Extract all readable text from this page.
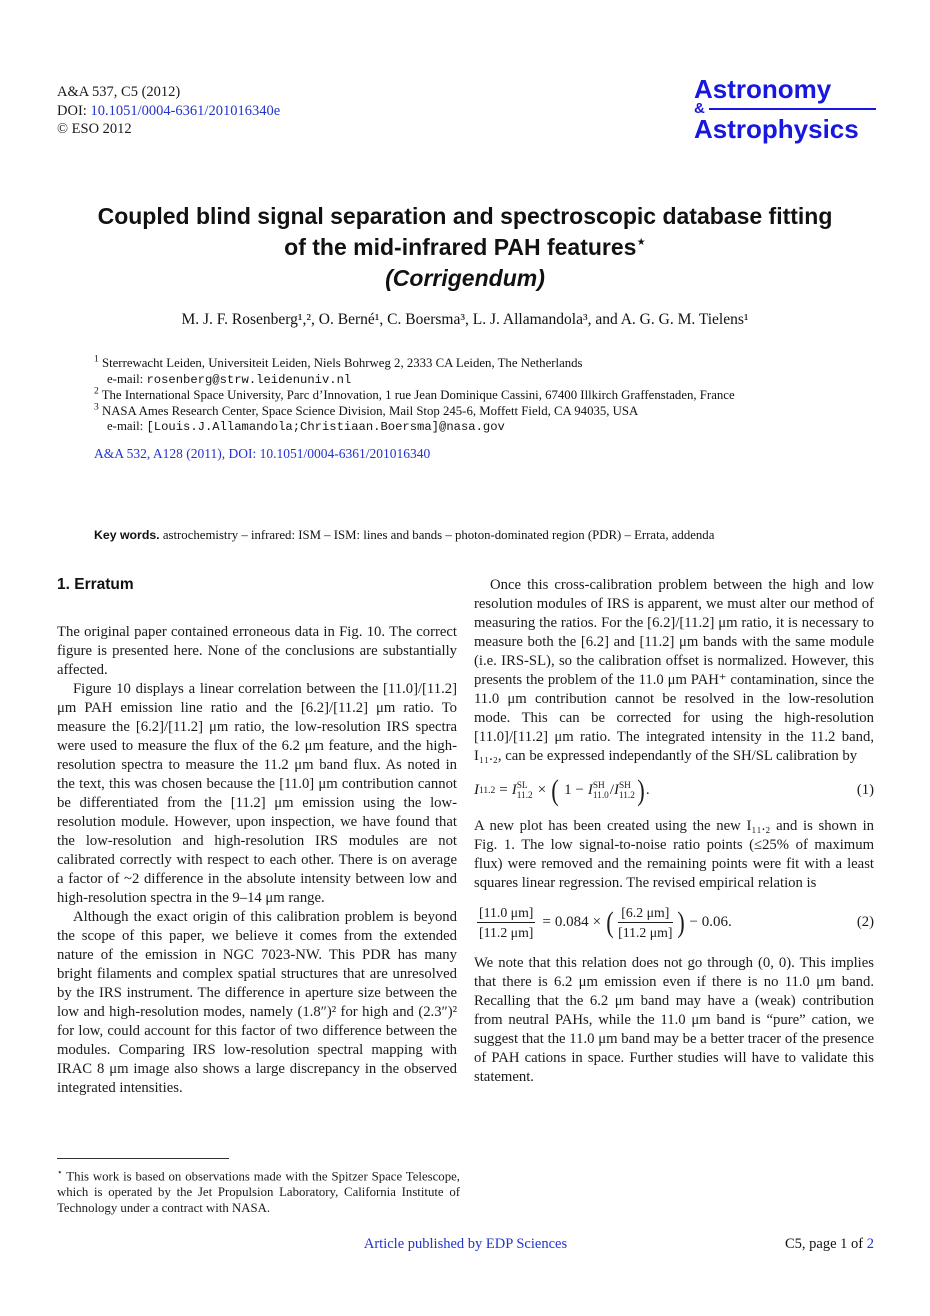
A&A 537, C5 (2012)
DOI: 10.1051/0004-6361/201016340e
© ESO 2012
Astronomy
&
Astrophysics
Coupled blind signal separation and spectroscopic database fitting
of the mid-infrared PAH features⋆
(Corrigendum)
M. J. F. Rosenberg¹,², O. Berné¹, C. Boersma³, L. J. Allamandola³, and A. G. G. M. Tielens¹
$^1$ Sterrewacht Leiden, Universiteit Leiden, Niels Bohrweg 2, 2333 CA Leiden, The Netherlands
e-mail: rosenberg@strw.leidenuniv.nl
$^2$ The International Space University, Parc d’Innovation, 1 rue Jean Dominique Cassini, 67400 Illkirch Graffenstaden, France
$^3$ NASA Ames Research Center, Space Science Division, Mail Stop 245-6, Moffett Field, CA 94035, USA
e-mail: [Louis.J.Allamandola;Christiaan.Boersma]@nasa.gov
A&A 532, A128 (2011), DOI: 10.1051/0004-6361/201016340
Key words. astrochemistry – infrared: ISM – ISM: lines and bands – photon-dominated region (PDR) – Errata, addenda
1. Erratum

The original paper contained erroneous data in Fig. 10. The correct figure is presented here. None of the conclusions are substantially affected.

Figure 10 displays a linear correlation between the [11.0]/[11.2] μm PAH emission line ratio and the [6.2]/[11.2] μm ratio. To measure the [6.2]/[11.2] μm ratio, the low-resolution IRS spectra were used to measure the flux of the 6.2 μm feature, and the high-resolution spectra to measure the 11.2 μm band flux. As noted in the text, this was chosen because the [11.0] μm contribution cannot be differentiated from the [11.2] μm emission using the low-resolution module. However, upon inspection, we have found that the low-resolution and high-resolution IRS modules are not calibrated correctly with respect to each other. There is on average a factor of ~2 difference in the absolute intensity between low and high-resolution spectra in the 9–14 μm range.

Although the exact origin of this calibration problem is beyond the scope of this paper, we believe it comes from the extended nature of the emission in NGC 7023-NW. This PDR has many bright filaments and complex spatial structures that are unresolved by the IRS instrument. The difference in aperture size between the low and high-resolution modes, namely (1.8″)² for high and (2.3″)² for low, could account for this factor of two difference between the modules. Comparing IRS low-resolution spectral mapping with IRAC 8 μm image also shows a large discrepancy in the observed integrated intensities.

Once this cross-calibration problem between the high and low resolution modules of IRS is apparent, we must alter our method of measuring the ratios. For the [6.2]/[11.2] μm ratio, it is necessary to measure both the [6.2] and [11.2] μm bands with the same module (i.e. IRS-SL), so the calibration offset is normalized. However, this presents the problem of the 11.0 μm PAH⁺ contamination, since the 11.0 μm contribution cannot be resolved in the low-resolution mode. This can be corrected for using the high-resolution [11.0]/[11.2] μm ratio. The integrated intensity in the 11.2 band, I₁₁.₂, can be expressed independantly of the SH/SL calibration by

I 11.2 = I SL
11.2 × ( 1 − I SH
11.0 / I SH
11.2 ) .	(1)

A new plot has been created using the new I₁₁.₂ and is shown in Fig. 1. The low signal-to-noise ratio points (≤25% of maximum flux) were removed and the remaining points were fit with a least squares linear regression. The revised empirical relation is

$\frac{[11.0 \mu m]}{[11.2 \mu m]} = 0.084$ × ( $\frac{[6.2 \mu m]}{[11.2 \mu m]}$ ) − 0.06.	(2)

We note that this relation does not go through (0, 0). This implies that there is 6.2 μm emission even if there is no 11.0 μm band. Recalling that the 6.2 μm band may have a (weak) contribution from neutral PAHs, while the 11.0 μm band is “pure” cation, we suggest that the 11.0 μm band may be a better tracer of the presence of PAH cations in space. Further studies will have to validate this statement.

⋆ This work is based on observations made with the Spitzer Space Telescope, which is operated by the Jet Propulsion Laboratory, California Institute of Technology under a contract with NASA.
Article published by EDP Sciences	C5, page 1 of 2
